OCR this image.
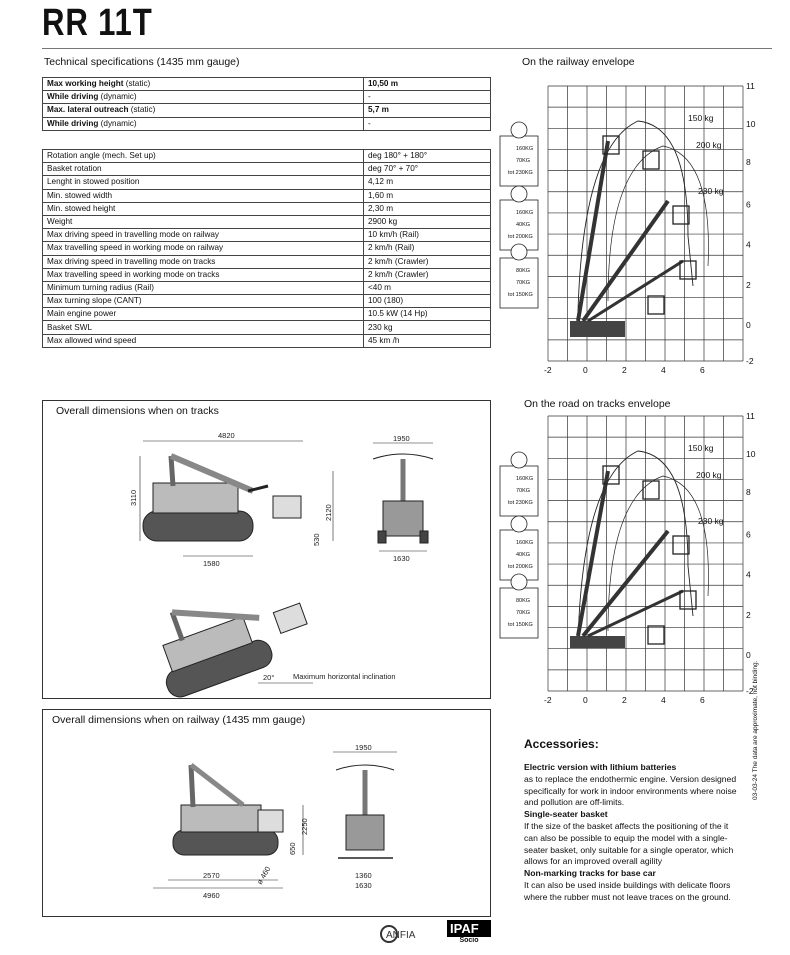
RR 11T
Technical specifications (1435 mm gauge)
Max working height (static)	10,50 m
While driving (dynamic)	-
Max. lateral outreach (static)	5,7 m
While driving (dynamic)	-
Rotation angle (mech. Set up)	deg 180° + 180°
Basket rotation	deg 70° + 70°
Lenght in stowed position	4,12 m
Min. stowed width	1,60 m
Min. stowed height	2,30 m
Weight	2900 kg
Max driving speed in travelling mode on railway	10 km/h (Rail)
Max travelling speed in working mode on railway	2 km/h (Rail)
Max driving speed in travelling mode on tracks	2 km/h (Crawler)
Max travelling speed in working mode on tracks	2 km/h (Crawler)
Minimum turning radius (Rail)	<40 m
Max turning slope (CANT)	100 (180)
Main engine power	10.5 kW (14 Hp)
Basket SWL	230 kg
Max allowed wind speed	45 km /h
On the railway envelope
11
10
8
6
4
2
0
-2
-2	0	2	4	6
150 kg
200 kg
230 kg
160KG
70KG
tot 230KG
160KG
40KG
tot 200KG
80KG
70KG
tot 150KG
On the road on tracks envelope
11
10
8
6
4
2
0
-2
-2	0	2	4	6
150 kg
200 kg
230 kg
160KG
70KG
tot 230KG
160KG
40KG
tot 200KG
80KG
70KG
tot 150KG
Overall dimensions when on tracks
4820
3110
1580
2120
530
1950
1630
20° Maximum horizontal inclination
Overall dimensions when on railway (1435 mm gauge)
2570
4960
ø 460
2250
650
1950
1360
1630
Accessories:
Electric version with lithium batteries
as to replace the endothermic engine. Version designed specifically for work in indoor environments where noise and pollution are off-limits.
Single-seater basket
If the size of the basket affects the positioning of the it can also be possible to equip the model with a single-seater basket, only suitable for a single operator, which allows for an improved overall agility
Non-marking tracks for base car
It can also be used inside buildings with delicate floors where the rubber must not leave traces on the ground.
03-03-24 The data are approximate, not binding.
ANFIA	IPAF
Socio
